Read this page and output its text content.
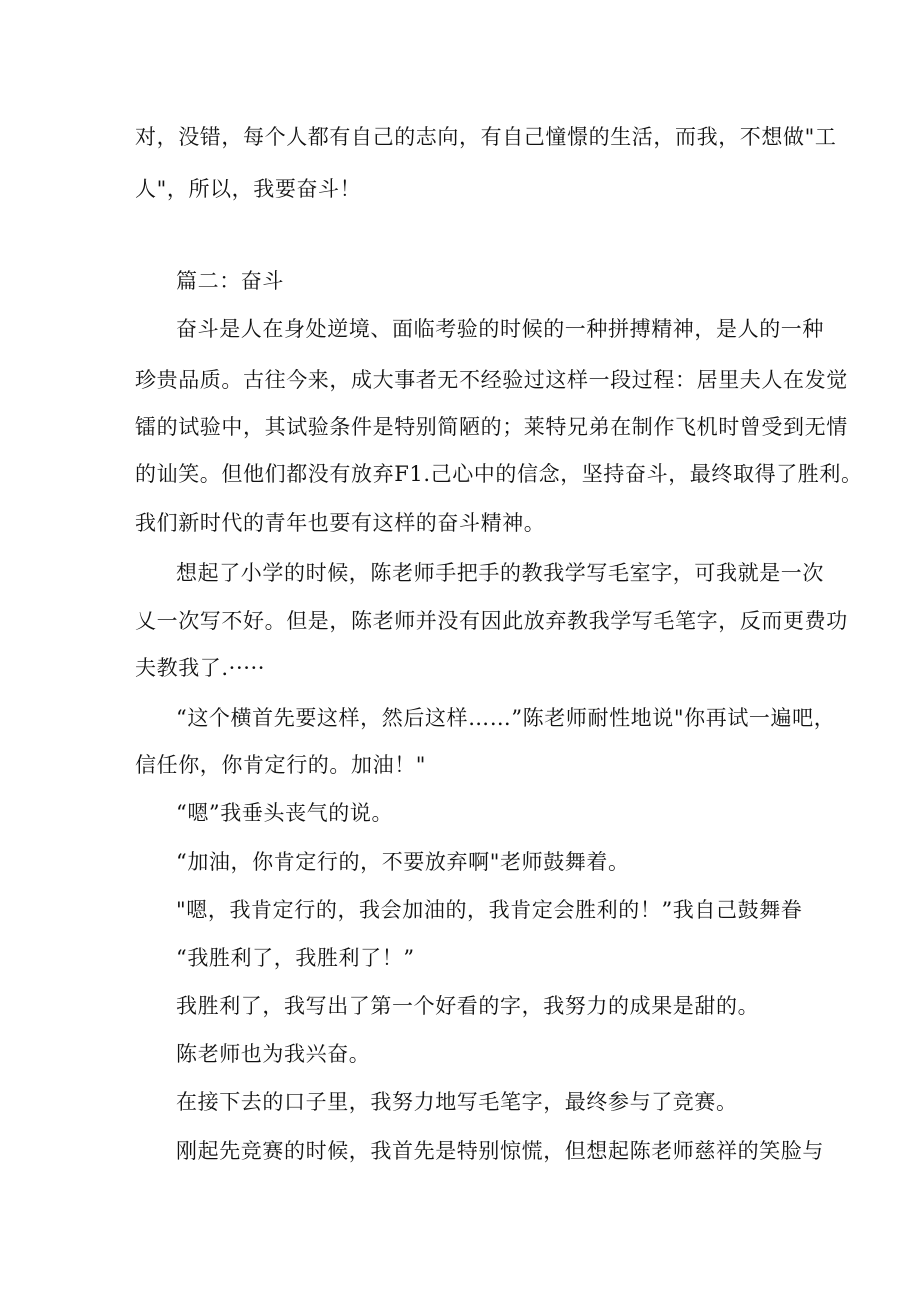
对，没错，每个人都有自己的志向，有自己憧憬的生活，而我，不想做"工
人"，所以，我要奋斗！
篇二：奋斗
奋斗是人在身处逆境、面临考验的时候的一种拼搏精神，是人的一种
珍贵品质。古往今来，成大事者无不经验过这样一段过程：居里夫人在发觉
镭的试验中，其试验条件是特别简陋的；莱特兄弟在制作飞机时曾受到无情
的讪笑。但他们都没有放弃F1.己心中的信念，坚持奋斗，最终取得了胜利。
我们新时代的青年也要有这样的奋斗精神。
想起了小学的时候，陈老师手把手的教我学写毛室字，可我就是一次
乂一次写不好。但是，陈老师并没有因此放弃教我学写毛笔字，反而更费功
夫教我了.·····
“这个横首先要这样，然后这样……”陈老师耐性地说"你再试一遍吧，
信任你，你肯定行的。加油！"
“嗯”我垂头丧气的说。
“加油，你肯定行的，不要放弃啊"老师鼓舞着。
"嗯，我肯定行的，我会加油的，我肯定会胜利的！”我自己鼓舞眷
“我胜利了，我胜利了！”
我胜利了，我写出了第一个好看的字，我努力的成果是甜的。
陈老师也为我兴奋。
在接下去的口子里，我努力地写毛笔字，最终参与了竞赛。
刚起先竞赛的时候，我首先是特别惊慌，但想起陈老师慈祥的笑脸与
